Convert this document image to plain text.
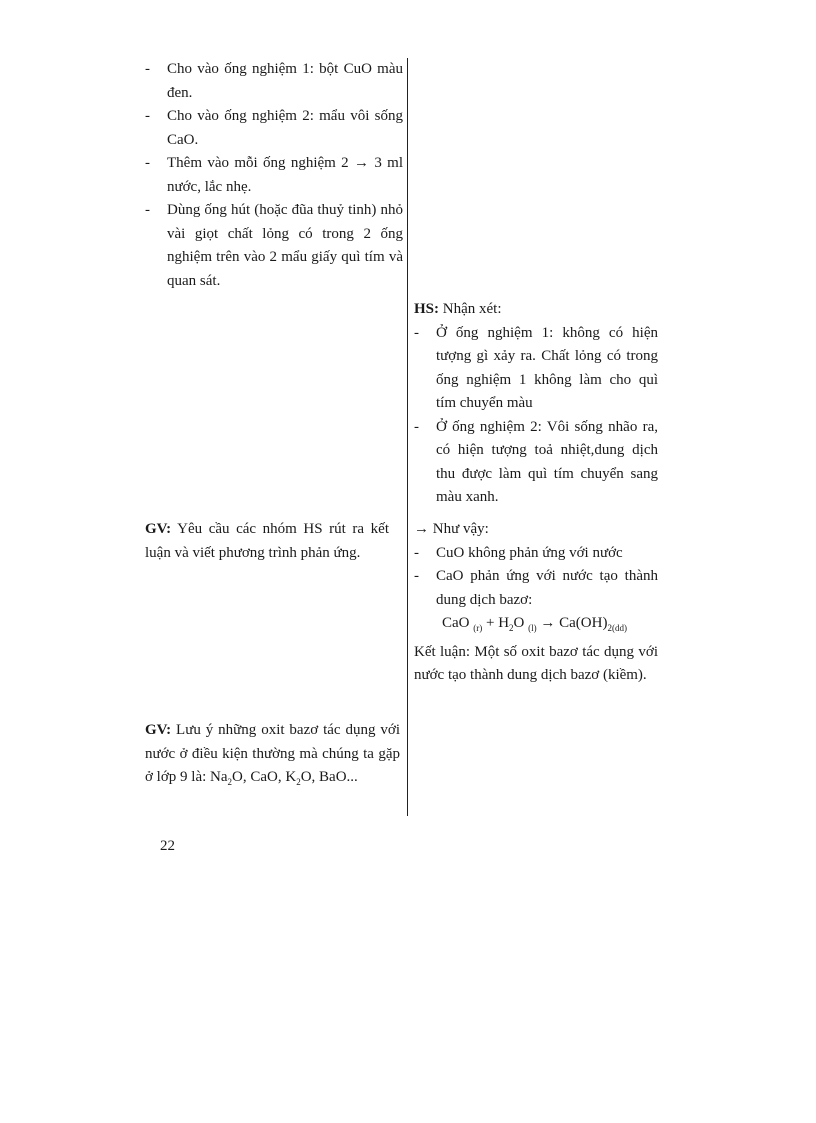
- Cho vào ống nghiệm 1: bột CuO màu đen.
- Cho vào ống nghiệm 2: mẩu vôi sống CaO.
- Thêm vào mỗi ống nghiệm 2 → 3 ml nước, lắc nhẹ.
- Dùng ống hút (hoặc đũa thuỷ tinh) nhỏ vài giọt chất lỏng có trong 2 ống nghiệm trên vào 2 mẩu giấy quì tím và quan sát.
GV: Yêu cầu các nhóm HS rút ra kết luận và viết phương trình phản ứng.
GV: Lưu ý những oxit bazơ tác dụng với nước ở điều kiện thường mà chúng ta gặp ở lớp 9 là: $Na_2O$, CaO, $K_2O$, BaO...
HS: Nhận xét:
- Ở ống nghiệm 1: không có hiện tượng gì xảy ra. Chất lỏng có trong ống nghiệm 1 không làm cho quì tím chuyển màu
- Ở ống nghiệm 2: Vôi sống nhão ra, có hiện tượng toả nhiệt,dung dịch thu được làm quì tím chuyển sang màu xanh.
→ Như vậy:
- CuO không phản ứng với nước
- CaO phản ứng với nước tạo thành dung dịch bazơ:
CaO $_{(r)} + H_2O$ $_{(l)} \to Ca(OH)_{2(dd)}$
Kết luận: Một số oxit bazơ tác dụng với nước tạo thành dung dịch bazơ (kiềm).
22
